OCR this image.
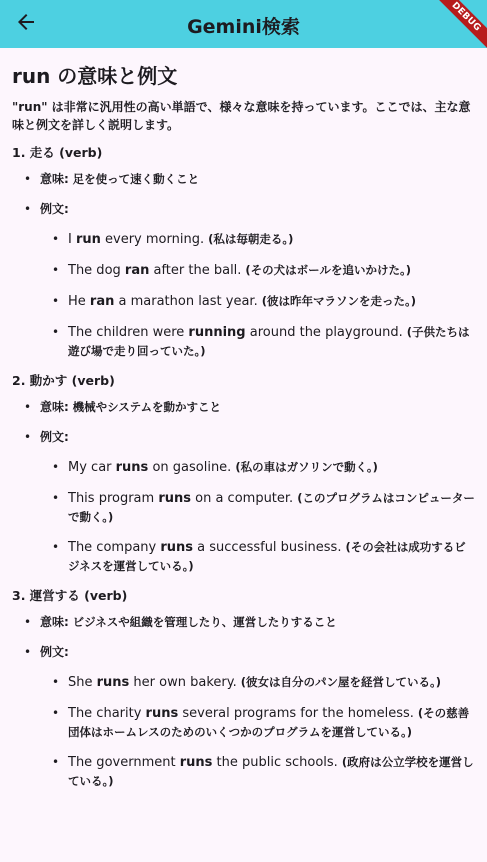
Gemini検索	DEBUG
run の意味と例文

"run" は非常に汎用性の高い単語で、様々な意味を持っています。ここでは、主な意味と例文を詳しく説明します。

1. 走る (verb)
• 意味: 足を使って速く動くこと
• 例文:
• I run every morning. (私は毎朝走る。)
• The dog ran after the ball. (その犬はボールを追いかけた。)
• He ran a marathon last year. (彼は昨年マラソンを走った。)
• The children were running around the playground. (子供たちは遊び場で走り回っていた。)
2. 動かす (verb)
• 意味: 機械やシステムを動かすこと
• 例文:
• My car runs on gasoline. (私の車はガソリンで動く。)
• This program runs on a computer. (このプログラムはコンピューターで動く。)
• The company runs a successful business. (その会社は成功するビジネスを運営している。)
3. 運営する (verb)
• 意味: ビジネスや組織を管理したり、運営したりすること
• 例文:
• She runs her own bakery. (彼女は自分のパン屋を経営している。)
• The charity runs several programs for the homeless. (その慈善団体はホームレスのためのいくつかのプログラムを運営している。)
• The government runs the public schools. (政府は公立学校を運営している。)
